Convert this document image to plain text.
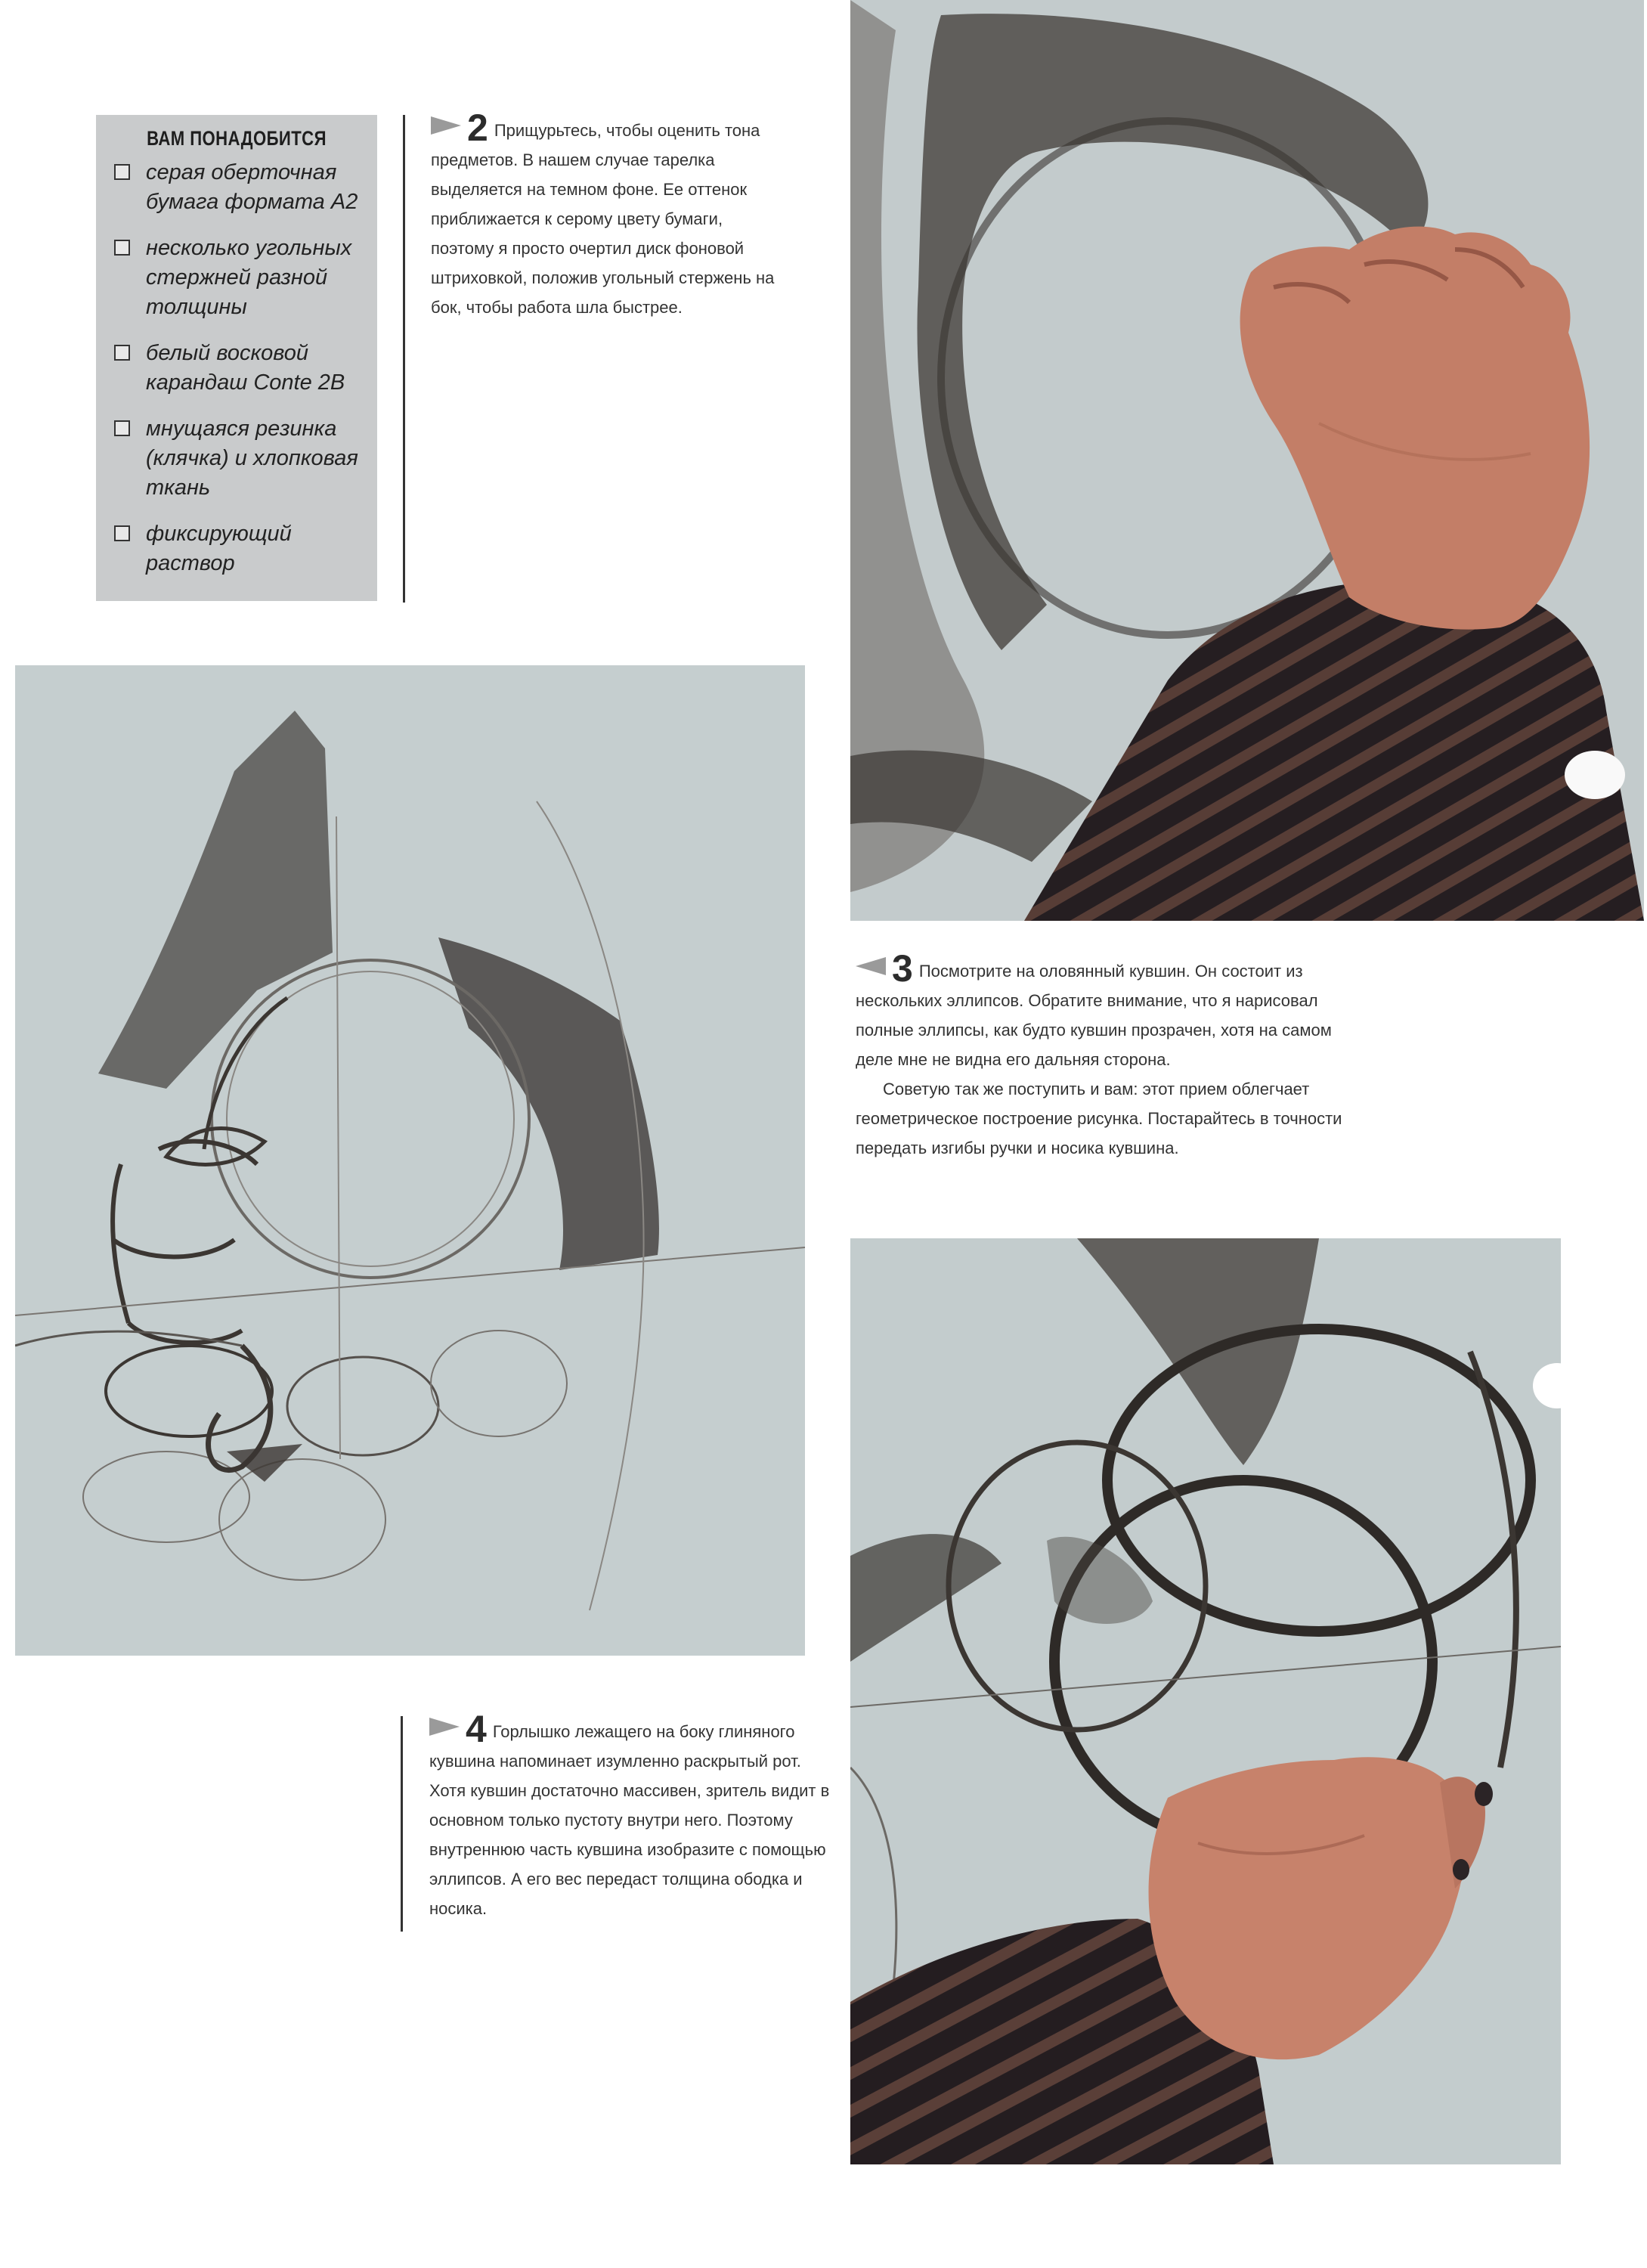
ВАМ ПОНАДОБИТСЯ
серая оберточная бумага формата А2
несколько угольных стержней разной толщины
белый восковой карандаш Conte 2B
мнущаяся резинка (клячка) и хлопковая ткань
фиксирующий раствор

2 Прищурьтесь, чтобы оценить тона предметов. В нашем случае тарелка выделяется на темном фоне. Ее оттенок приближается к серому цвету бумаги, поэтому я просто очертил диск фоновой штриховкой, положив угольный стержень на бок, чтобы работа шла быстрее.

3 Посмотрите на оловянный кувшин. Он состоит из нескольких эллипсов. Обратите внимание, что я нарисовал полные эллипсы, как будто кувшин прозрачен, хотя на самом деле мне не видна его дальняя сторона.

Советую так же поступить и вам: этот прием облегчает геометрическое построение рисунка. Постарайтесь в точности передать изгибы ручки и носика кувшина.

4 Горлышко лежащего на боку глиняного кувшина напоминает изумленно раскрытый рот. Хотя кувшин достаточно массивен, зритель видит в основном только пустоту внутри него. Поэтому внутреннюю часть кувшина изобразите с помощью эллипсов. А его вес передаст толщина ободка и носика.
